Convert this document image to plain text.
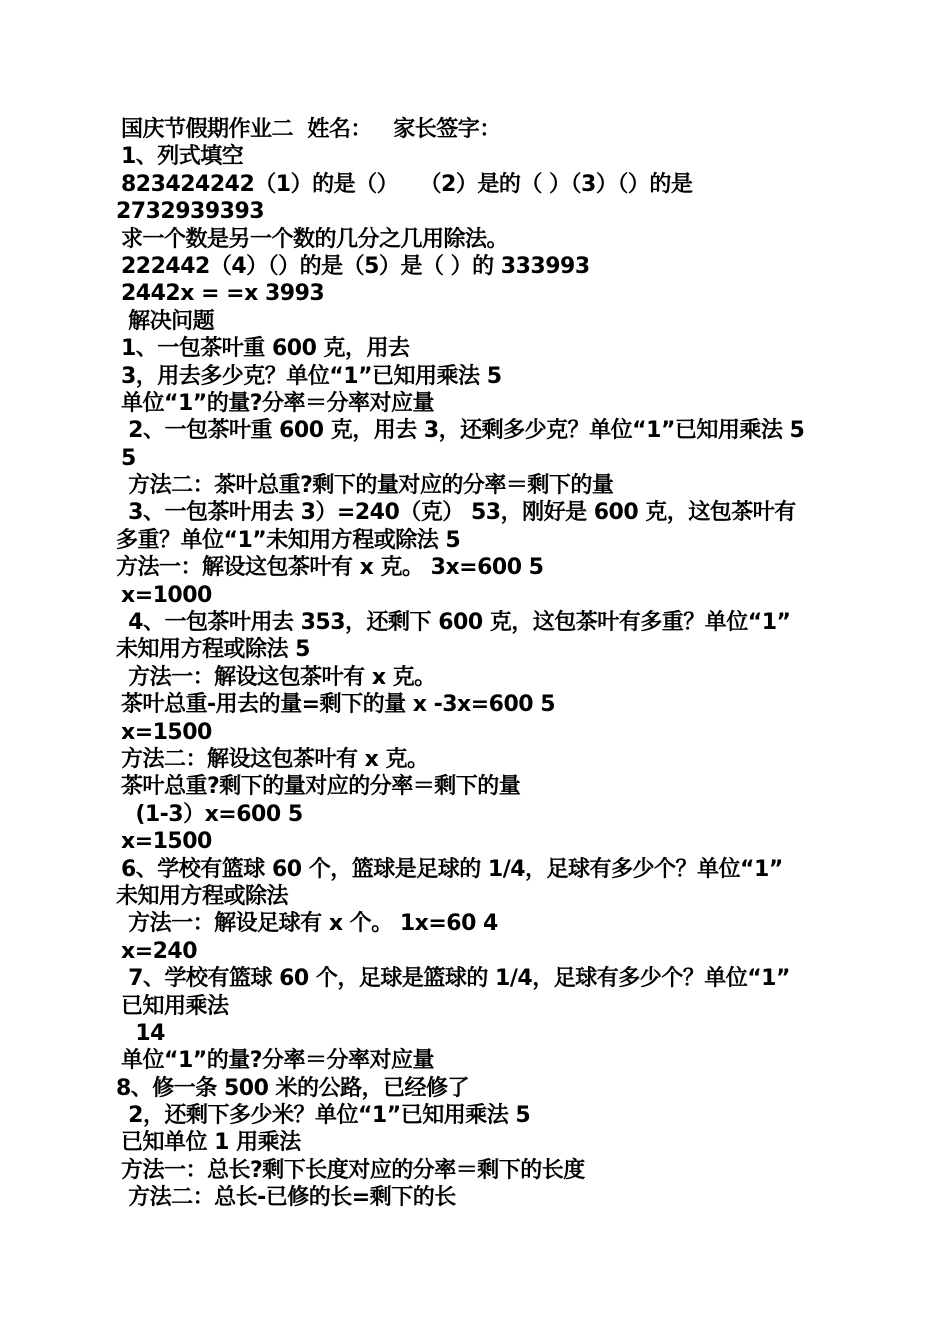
国庆节假期作业二  姓名：   家长签字：
1、列式填空
823424242（1）的是（）   （2）是的（ ）（3）（）的是
2732939393
求一个数是另一个数的几分之几用除法。
222442（4）（）的是（5）是（ ）的 333993
2442x = =x 3993
解决问题
1、一包茶叶重 600 克，用去
3，用去多少克？单位“1”已知用乘法 5
单位“1”的量?分率＝分率对应量
2、一包茶叶重 600 克，用去 3，还剩多少克？单位“1”已知用乘法 5
5
方法二：茶叶总重?剩下的量对应的分率＝剩下的量
3、一包茶叶用去 3）=240（克） 53，刚好是 600 克，这包茶叶有
多重？单位“1”未知用方程或除法 5
方法一：解设这包茶叶有 x 克。 3x=600 5
x=1000
4、一包茶叶用去 353，还剩下 600 克，这包茶叶有多重？单位“1”
未知用方程或除法 5
方法一：解设这包茶叶有 x 克。
茶叶总重-用去的量=剩下的量 x -3x=600 5
x=1500
方法二：解设这包茶叶有 x 克。
茶叶总重?剩下的量对应的分率＝剩下的量
(1-3）x=600 5
x=1500
6、学校有篮球 60 个，篮球是足球的 1/4，足球有多少个？单位“1”
未知用方程或除法
方法一：解设足球有 x 个。 1x=60 4
x=240
7、学校有篮球 60 个，足球是篮球的 1/4，足球有多少个？单位“1”
已知用乘法
14
单位“1”的量?分率＝分率对应量
8、修一条 500 米的公路，已经修了
2，还剩下多少米？单位“1”已知用乘法 5
已知单位 1 用乘法
方法一：总长?剩下长度对应的分率＝剩下的长度
方法二：总长-已修的长=剩下的长
